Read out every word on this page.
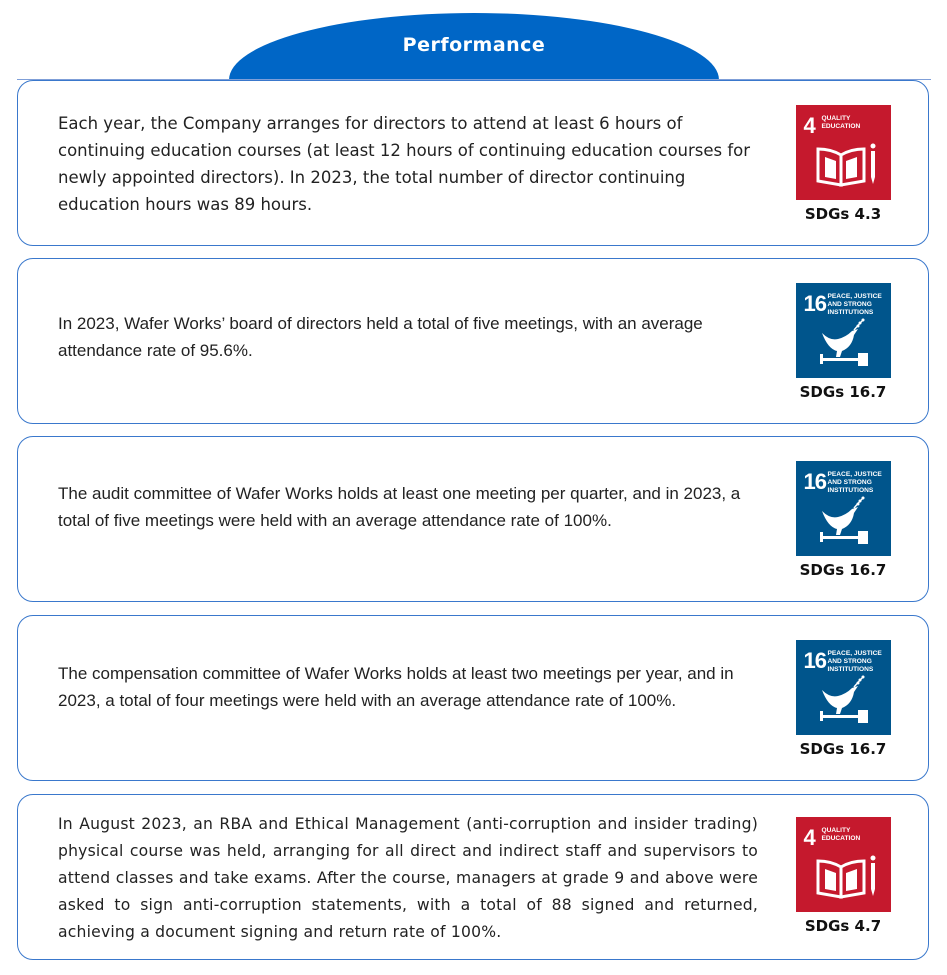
Performance
Each year, the Company arranges for directors to attend at least 6 hours of continuing education courses (at least 12 hours of continuing education courses for newly appointed directors). In 2023, the total number of director continuing education hours was 89 hours.
4 QUALITY
EDUCATION
SDGs 4.3
In 2023, Wafer Works’ board of directors held a total of five meetings, with an average attendance rate of 95.6%.
16 PEACE, JUSTICE
AND STRONG
INSTITUTIONS
SDGs 16.7
The audit committee of Wafer Works holds at least one meeting per quarter, and in 2023, a total of five meetings were held with an average attendance rate of 100%.
16 PEACE, JUSTICE
AND STRONG
INSTITUTIONS
SDGs 16.7
The compensation committee of Wafer Works holds at least two meetings per year, and in 2023, a total of four meetings were held with an average attendance rate of 100%.
16 PEACE, JUSTICE
AND STRONG
INSTITUTIONS
SDGs 16.7
In August 2023, an RBA and Ethical Management (anti-corruption and insider trading) physical course was held, arranging for all direct and indirect staff and supervisors to attend classes and take exams. After the course, managers at grade 9 and above were asked to sign anti-corruption statements, with a total of 88 signed and returned, achieving a document signing and return rate of 100%.
4 QUALITY
EDUCATION
SDGs 4.7
